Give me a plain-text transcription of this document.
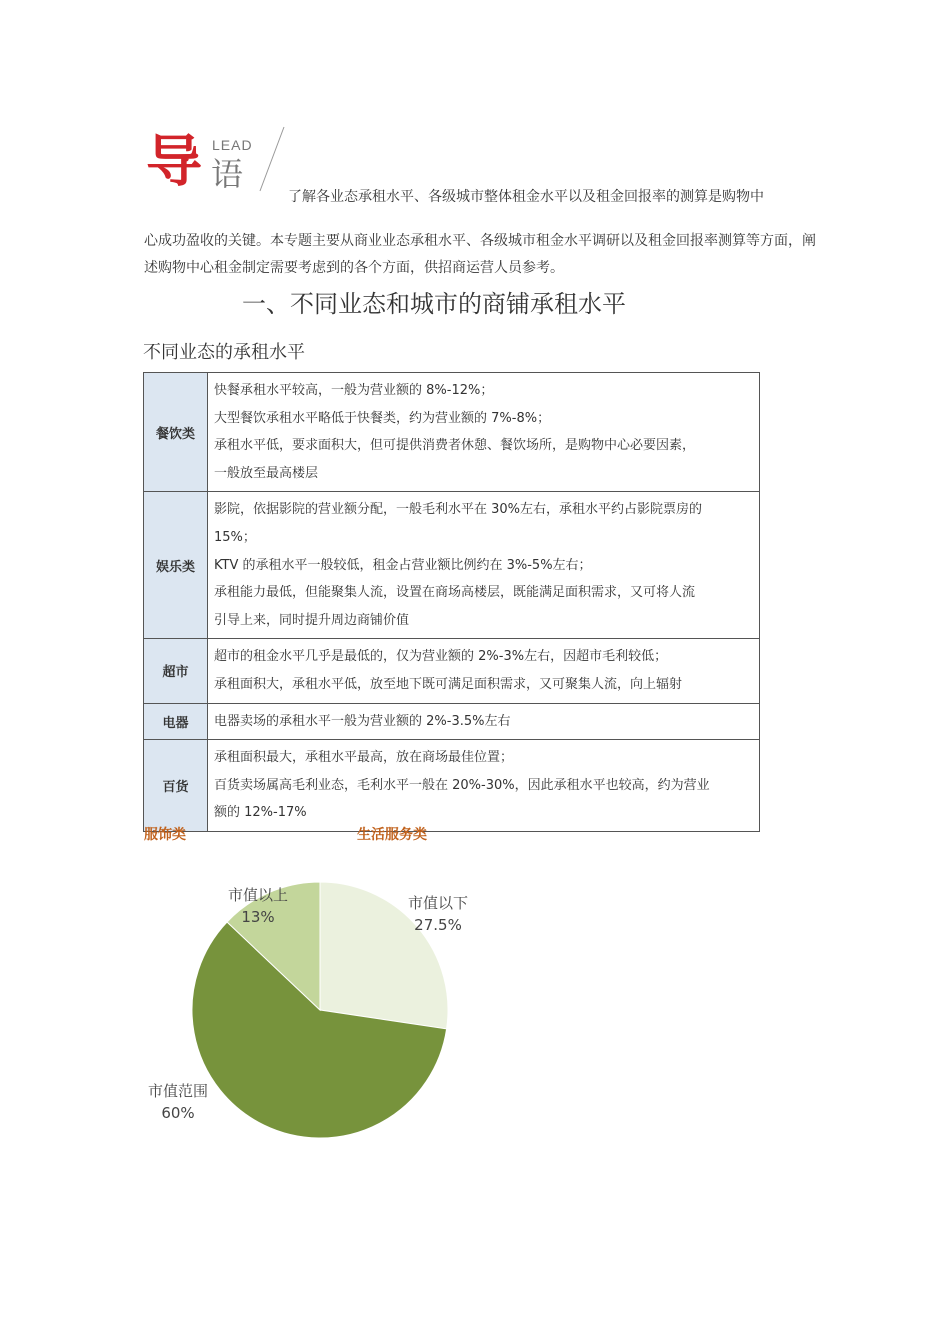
导 LEAD
语
了解各业态承租水平、各级城市整体租金水平以及租金回报率的测算是购物中
心成功盈收的关键。本专题主要从商业业态承租水平、各级城市租金水平调研以及租金回报率测算等方面，阐述购物中心租金制定需要考虑到的各个方面，供招商运营人员参考。
一、不同业态和城市的商铺承租水平
不同业态的承租水平
餐饮类	快餐承租水平较高，一般为营业额的 8%-12%；
大型餐饮承租水平略低于快餐类，约为营业额的 7%-8%；
承租水平低，要求面积大，但可提供消费者休憩、餐饮场所，是购物中心必要因素，
一般放至最高楼层

娱乐类	影院，依据影院的营业额分配，一般毛利水平在 30%左右，承租水平约占影院票房的
15%；
KTV 的承租水平一般较低，租金占营业额比例约在 3%-5%左右；
承租能力最低，但能聚集人流，设置在商场高楼层，既能满足面积需求，又可将人流
引导上来，同时提升周边商铺价值

超市	超市的租金水平几乎是最低的，仅为营业额的 2%-3%左右，因超市毛利较低；
承租面积大，承租水平低，放至地下既可满足面积需求，又可聚集人流，向上辐射

电器	电器卖场的承租水平一般为营业额的 2%-3.5%左右

百货	承租面积最大，承租水平最高，放在商场最佳位置；
百货卖场属高毛利业态，毛利水平一般在 20%-30%，因此承租水平也较高，约为营业
额的 12%-17%
服饰类	生活服务类
市值以下
27.5%
市值范围
60%
市值以上
13%
